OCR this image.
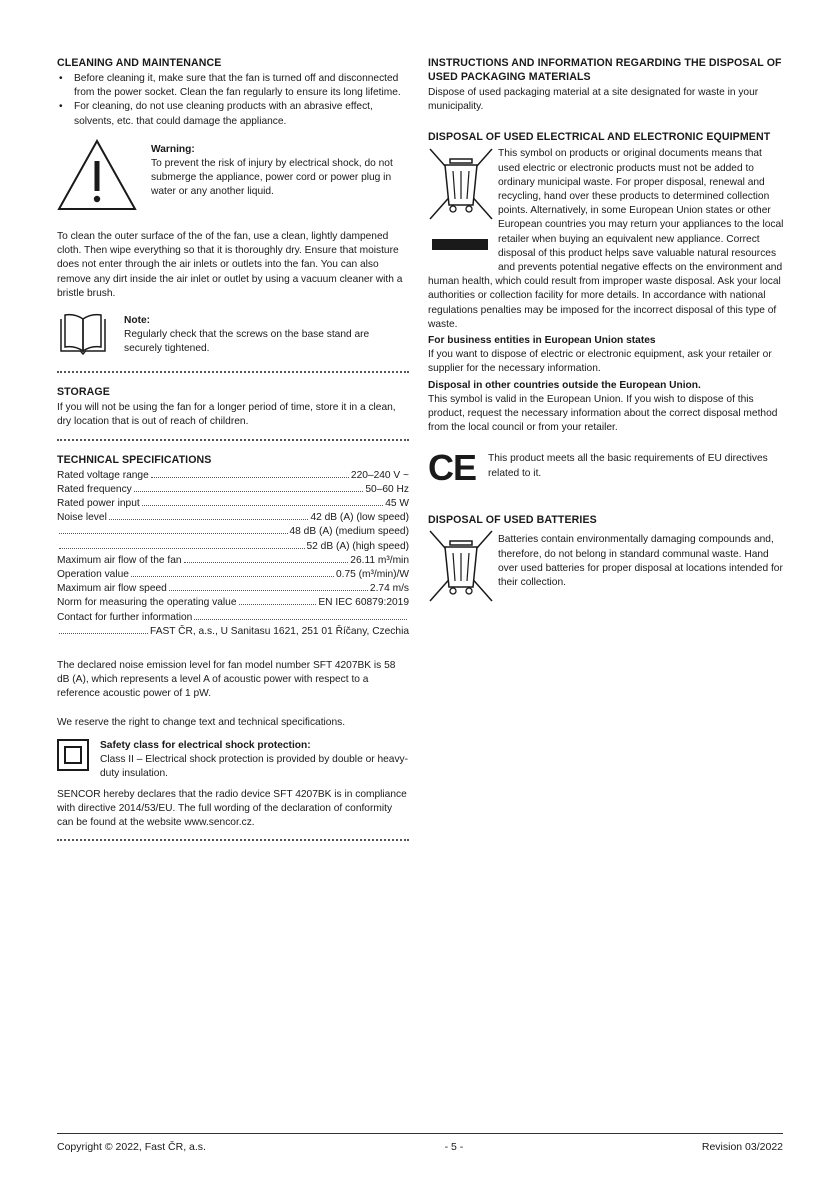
CLEANING AND MAINTENANCE
• Before cleaning it, make sure that the fan is turned off and disconnected from the power socket. Clean the fan regularly to ensure its long lifetime.
• For cleaning, do not use cleaning products with an abrasive effect, solvents, etc. that could damage the appliance.
Warning:

To prevent the risk of injury by electrical shock, do not submerge the appliance, power cord or power plug in water or any another liquid.

To clean the outer surface of the of the fan, use a clean, lightly dampened cloth. Then wipe everything so that it is thoroughly dry. Ensure that moisture does not enter through the air inlets or outlets into the fan. You can also remove any dirt inside the air inlet or outlet by using a vacuum cleaner with a bristle brush.

Note:

Regularly check that the screws on the base stand are securely tightened.

STORAGE

If you will not be using the fan for a longer period of time, store it in a clean, dry location that is out of reach of children.

TECHNICAL SPECIFICATIONS
Rated voltage range	220–240 V ~
Rated frequency	50–60 Hz
Rated power input	45 W
Noise level	42 dB (A) (low speed)
48 dB (A) (medium speed)
52 dB (A) (high speed)
Maximum air flow of the fan	26.11 m³/min
Operation value	0.75 (m³/min)/W
Maximum air flow speed	2.74 m/s
Norm for measuring the operating value	EN IEC 60879:2019
Contact for further information
FAST ČR, a.s., U Sanitasu 1621, 251 01 Říčany, Czechia

The declared noise emission level for fan model number SFT 4207BK is 58 dB (A), which represents a level A of acoustic power with respect to a reference acoustic power of 1 pW.

We reserve the right to change text and technical specifications.

Safety class for electrical shock protection:

Class II – Electrical shock protection is provided by double or heavy-duty insulation.

SENCOR hereby declares that the radio device SFT 4207BK is in compliance with directive 2014/53/EU. The full wording of the declaration of conformity can be found at the website www.sencor.cz.

INSTRUCTIONS AND INFORMATION REGARDING THE DISPOSAL OF USED PACKAGING MATERIALS

Dispose of used packaging material at a site designated for waste in your municipality.

DISPOSAL OF USED ELECTRICAL AND ELECTRONIC EQUIPMENT

This symbol on products or original documents means that used electric or electronic products must not be added to ordinary municipal waste. For proper disposal, renewal and recycling, hand over these products to determined collection points. Alternatively, in some European Union states or other European countries you may return your appliances to the local retailer when buying an equivalent new appliance. Correct disposal of this product helps save valuable natural resources and prevents potential negative effects on the environment and human health, which could result from improper waste disposal. Ask your local authorities or collection facility for more details. In accordance with national regulations penalties may be imposed for the incorrect disposal of this type of waste.

For business entities in European Union states

If you want to dispose of electric or electronic equipment, ask your retailer or supplier for the necessary information.

Disposal in other countries outside the European Union.

This symbol is valid in the European Union. If you wish to dispose of this product, request the necessary information about the correct disposal method from the local council or from your retailer.

CE	This product meets all the basic requirements of EU directives related to it.

DISPOSAL OF USED BATTERIES

Batteries contain environmentally damaging compounds and, therefore, do not belong in standard communal waste. Hand over used batteries for proper disposal at locations intended for their collection.

Copyright © 2022, Fast ČR, a.s.	- 5 -	Revision 03/2022
